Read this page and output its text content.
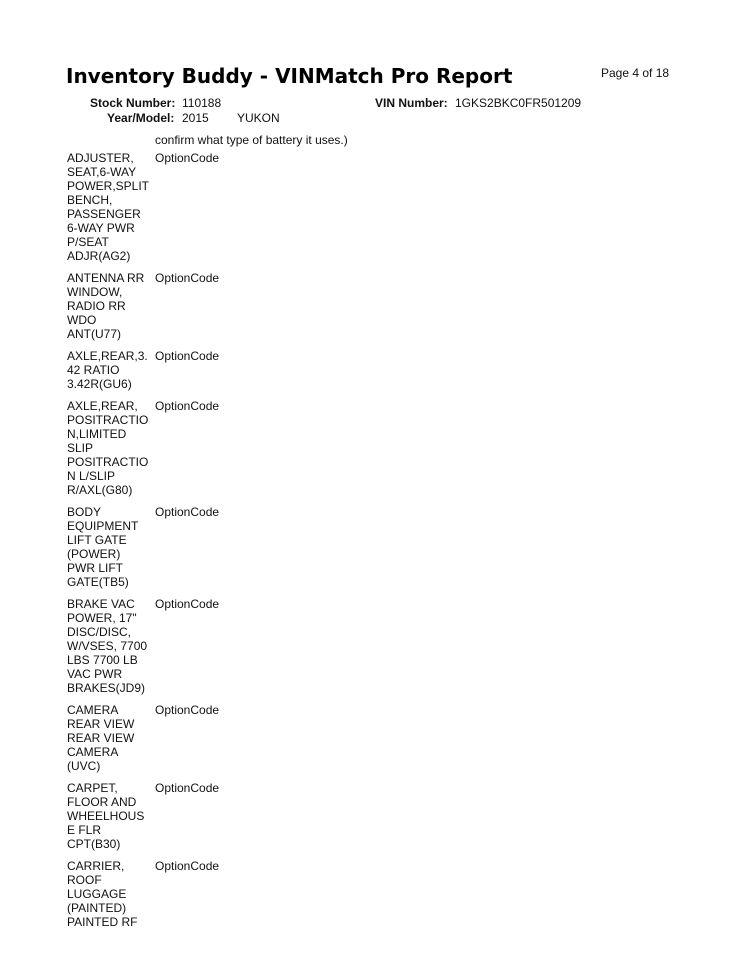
Inventory Buddy - VINMatch Pro Report	Page 4 of 18
Stock Number: 110188	VIN Number: 1GKS2BKC0FR501209
Year/Model: 2015 YUKON
confirm what type of battery it uses.)
ADJUSTER,
SEAT,6-WAY
POWER,SPLIT
BENCH,
PASSENGER
6-WAY PWR
P/SEAT
ADJR(AG2)
OptionCode
ANTENNA RR
WINDOW,
RADIO RR
WDO
ANT(U77)
OptionCode
AXLE,REAR,3.
42 RATIO
3.42R(GU6)
OptionCode
AXLE,REAR,
POSITRACTIO
N,LIMITED
SLIP
POSITRACTIO
N L/SLIP
R/AXL(G80)
OptionCode
BODY
EQUIPMENT
LIFT GATE
(POWER)
PWR LIFT
GATE(TB5)
OptionCode
BRAKE VAC
POWER, 17"
DISC/DISC,
W/VSES, 7700
LBS 7700 LB
VAC PWR
BRAKES(JD9)
OptionCode
CAMERA
REAR VIEW
REAR VIEW
CAMERA
(UVC)
OptionCode
CARPET,
FLOOR AND
WHEELHOUS
E FLR
CPT(B30)
OptionCode
CARRIER,
ROOF
LUGGAGE
(PAINTED)
PAINTED RF
OptionCode
